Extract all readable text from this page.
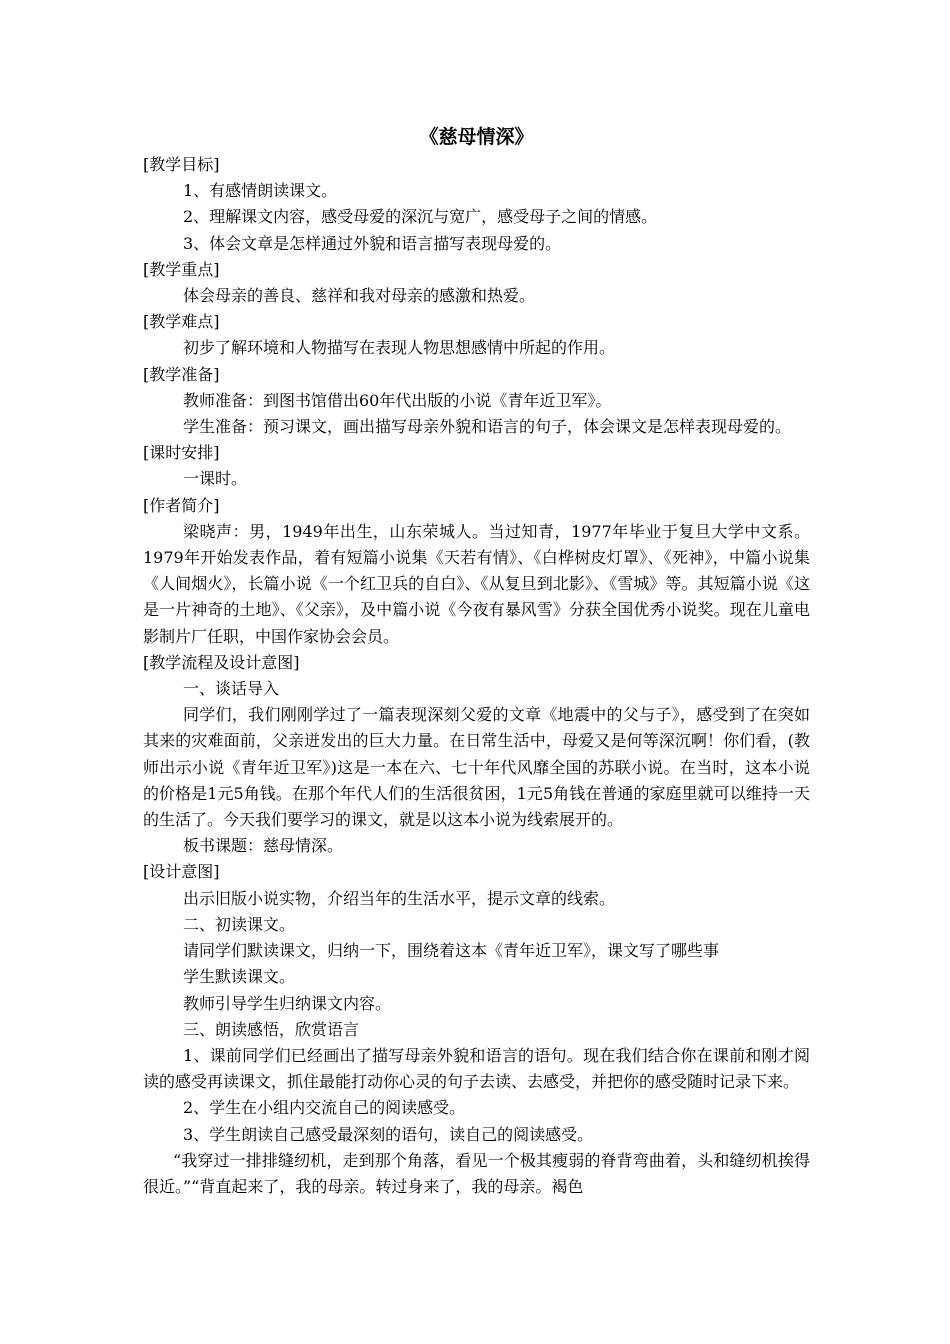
《慈母情深》

[教学目标]

1、有感情朗读课文。

2、理解课文内容，感受母爱的深沉与宽广，感受母子之间的情感。

3、体会文章是怎样通过外貌和语言描写表现母爱的。

[教学重点]

体会母亲的善良、慈祥和我对母亲的感激和热爱。

[教学难点]

初步了解环境和人物描写在表现人物思想感情中所起的作用。

[教学准备]

教师准备：到图书馆借出60年代出版的小说《青年近卫军》。

学生准备：预习课文，画出描写母亲外貌和语言的句子，体会课文是怎样表现母爱的。

[课时安排]

一课时。

[作者简介]

梁晓声：男，1949年出生，山东荣城人。当过知青，1977年毕业于复旦大学中文系。1979年开始发表作品，着有短篇小说集《天若有情》、《白桦树皮灯罩》、《死神》，中篇小说集《人间烟火》，长篇小说《一个红卫兵的自白》、《从复旦到北影》、《雪城》等。其短篇小说《这是一片神奇的土地》、《父亲》，及中篇小说《今夜有暴风雪》分获全国优秀小说奖。现在儿童电影制片厂任职，中国作家协会会员。

[教学流程及设计意图]

一、谈话导入

同学们，我们刚刚学过了一篇表现深刻父爱的文章《地震中的父与子》，感受到了在突如其来的灾难面前，父亲迸发出的巨大力量。在日常生活中，母爱又是何等深沉啊！你们看，(教师出示小说《青年近卫军》)这是一本在六、七十年代风靡全国的苏联小说。在当时，这本小说的价格是1元5角钱。在那个年代人们的生活很贫困，1元5角钱在普通的家庭里就可以维持一天的生活了。今天我们要学习的课文，就是以这本小说为线索展开的。

板书课题：慈母情深。

[设计意图]

出示旧版小说实物，介绍当年的生活水平，提示文章的线索。

二、初读课文。

请同学们默读课文，归纳一下，围绕着这本《青年近卫军》，课文写了哪些事

学生默读课文。

教师引导学生归纳课文内容。

三、朗读感悟，欣赏语言

1、课前同学们已经画出了描写母亲外貌和语言的语句。现在我们结合你在课前和刚才阅读的感受再读课文，抓住最能打动你心灵的句子去读、去感受，并把你的感受随时记录下来。

2、学生在小组内交流自己的阅读感受。

3、学生朗读自己感受最深刻的语句，读自己的阅读感受。

“我穿过一排排缝纫机，走到那个角落，看见一个极其瘦弱的脊背弯曲着，头和缝纫机挨得很近。”“背直起来了，我的母亲。转过身来了，我的母亲。褐色
